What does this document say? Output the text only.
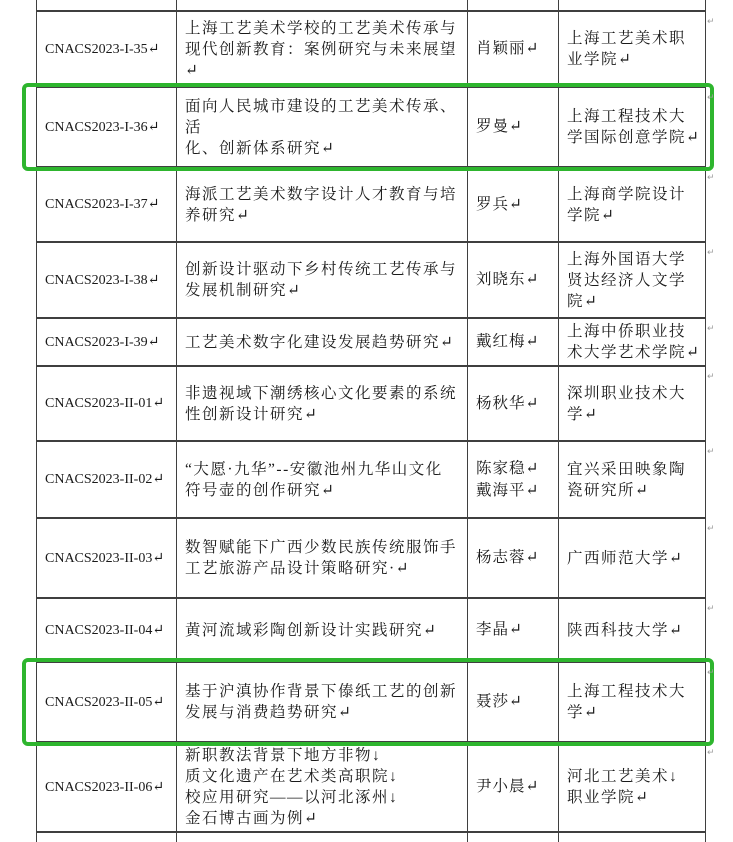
CNACS2023-I-35↵	上海工艺美术学校的工艺美术传承与
现代创新教育：案例研究与未来展望↵	肖颖丽↵	上海工艺美术职
业学院↵
CNACS2023-I-36↵	面向人民城市建设的工艺美术传承、活
化、创新体系研究↵	罗曼↵	上海工程技术大
学国际创意学院↵
CNACS2023-I-37↵	海派工艺美术数字设计人才教育与培
养研究↵	罗兵↵	上海商学院设计
学院↵
CNACS2023-I-38↵	创新设计驱动下乡村传统工艺传承与
发展机制研究↵	刘晓东↵	上海外国语大学
贤达经济人文学
院↵
CNACS2023-I-39↵	工艺美术数字化建设发展趋势研究↵	戴红梅↵	上海中侨职业技
术大学艺术学院↵
CNACS2023-II-01↵	非遗视域下潮绣核心文化要素的系统
性创新设计研究↵	杨秋华↵	深圳职业技术大
学↵
CNACS2023-II-02↵	“大愿·九华”--安徽池州九华山文化
符号壶的创作研究↵	陈家稳↵
戴海平↵	宜兴采田映象陶
瓷研究所↵
CNACS2023-II-03↵	数智赋能下广西少数民族传统服饰手
工艺旅游产品设计策略研究·↵	杨志蓉↵	广西师范大学↵
CNACS2023-II-04↵	黄河流域彩陶创新设计实践研究↵	李晶↵	陕西科技大学↵
CNACS2023-II-05↵	基于沪滇协作背景下傣纸工艺的创新
发展与消费趋势研究↵	聂莎↵	上海工程技术大
学↵
CNACS2023-II-06↵	新职教法背景下地方非物↓
质文化遗产在艺术类高职院↓
校应用研究——以河北涿州↓
金石博古画为例↵	尹小晨↵	河北工艺美术↓
职业学院↵

↵
↵
↵
↵
↵
↵
↵
↵
↵
↵
↵
